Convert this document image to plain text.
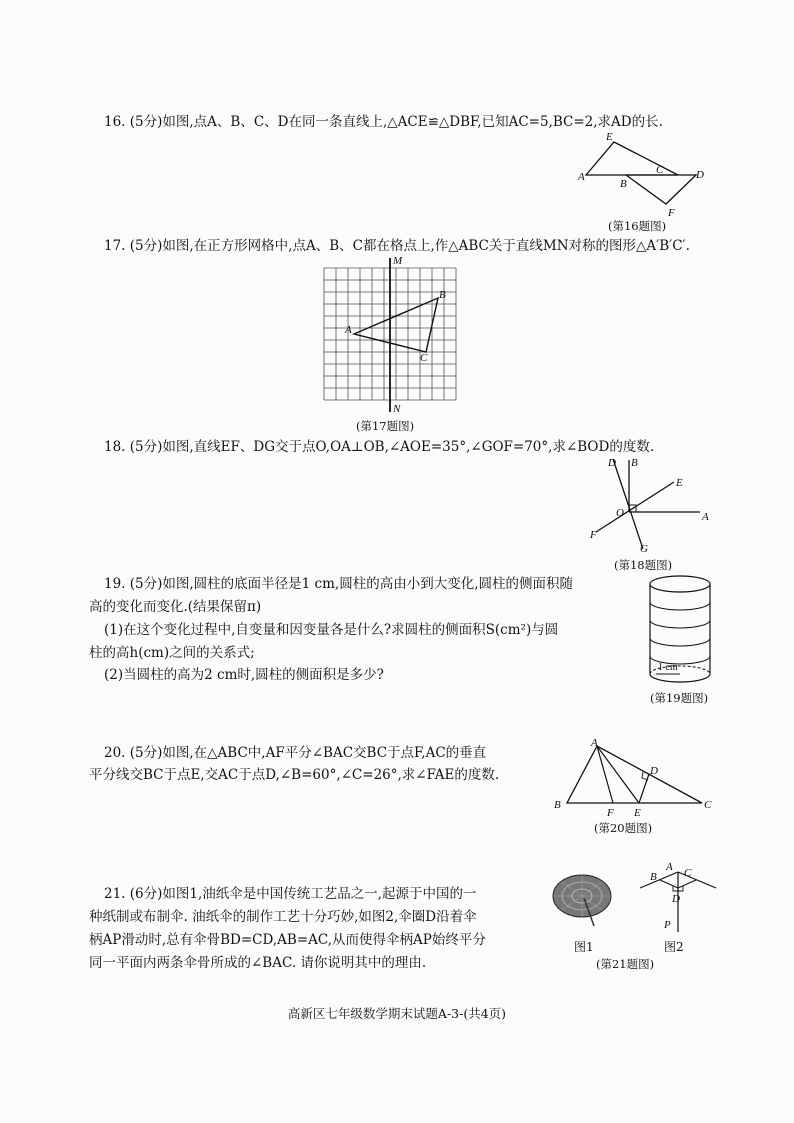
16. (5分)如图,点A、B、C、D在同一条直线上,△ACE≌△DBF,已知AC=5,BC=2,求AD的长.
E
A
B
C	D
F
(第16题图)
17. (5分)如图,在正方形网格中,点A、B、C都在格点上,作△ABC关于直线MN对称的图形△A′B′C′.
M
N
A
B
C
(第17题图)
18. (5分)如图,直线EF、DG交于点O,OA⊥OB,∠AOE=35°,∠GOF=70°,求∠BOD的度数.
D B
E
O	A
F
G
(第18题图)
19. (5分)如图,圆柱的底面半径是1 cm,圆柱的高由小到大变化,圆柱的侧面积随
高的变化而变化.(结果保留π)
(1)在这个变化过程中,自变量和因变量各是什么?求圆柱的侧面积S(cm²)与圆
柱的高h(cm)之间的关系式;
(2)当圆柱的高为2 cm时,圆柱的侧面积是多少?	1 cm
(第19题图)
20. (5分)如图,在△ABC中,AF平分∠BAC交BC于点F,AC的垂直
平分线交BC于点E,交AC于点D,∠B=60°,∠C=26°,求∠FAE的度数.
A
B	C
D
E
F
(第20题图)
21. (6分)如图1,油纸伞是中国传统工艺品之一,起源于中国的一
种纸制或布制伞. 油纸伞的制作工艺十分巧妙,如图2,伞圈D沿着伞
柄AP滑动时,总有伞骨BD=CD,AB=AC,从而使得伞柄AP始终平分
同一平面内两条伞骨所成的∠BAC. 请你说明其中的理由.
B
A C
D
P
图1	图2
(第21题图)
高新区七年级数学期末试题A-3-(共4页)
